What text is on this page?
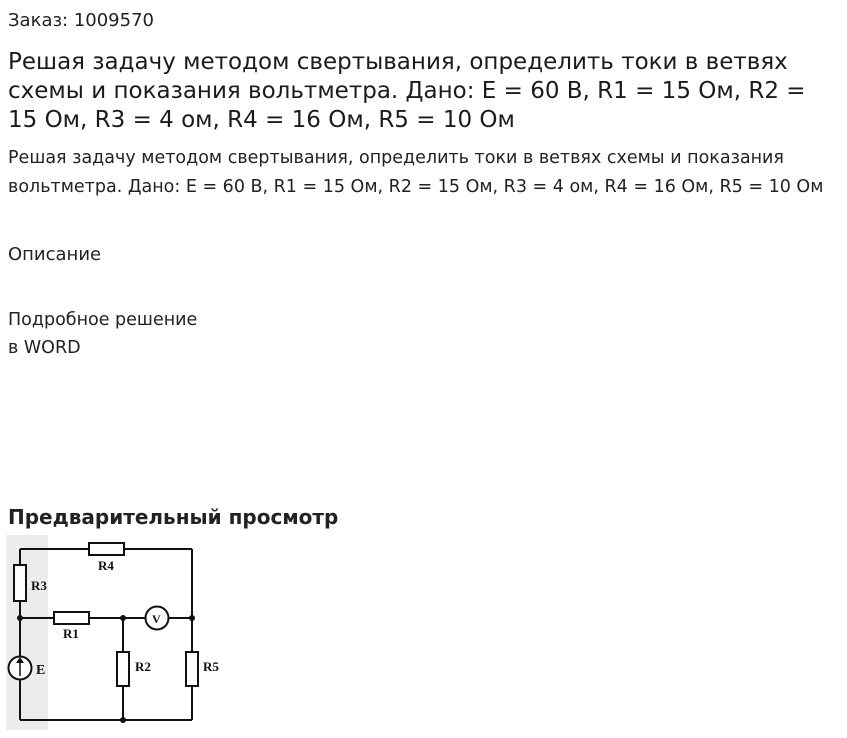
Заказ: 1009570
Решая задачу методом свертывания, определить токи в ветвях схемы и показания вольтметра. Дано: E = 60 В, R1 = 15 Ом, R2 = 15 Ом, R3 = 4 ом, R4 = 16 Ом, R5 = 10 Ом
Решая задачу методом свертывания, определить токи в ветвях схемы и показания вольтметра. Дано: E = 60 В, R1 = 15 Ом, R2 = 15 Ом, R3 = 4 ом, R4 = 16 Ом, R5 = 10 Ом
Описание
Подробное решение
в WORD
Предварительный просмотр
R4
R3
R1
V
E	R2	R5
